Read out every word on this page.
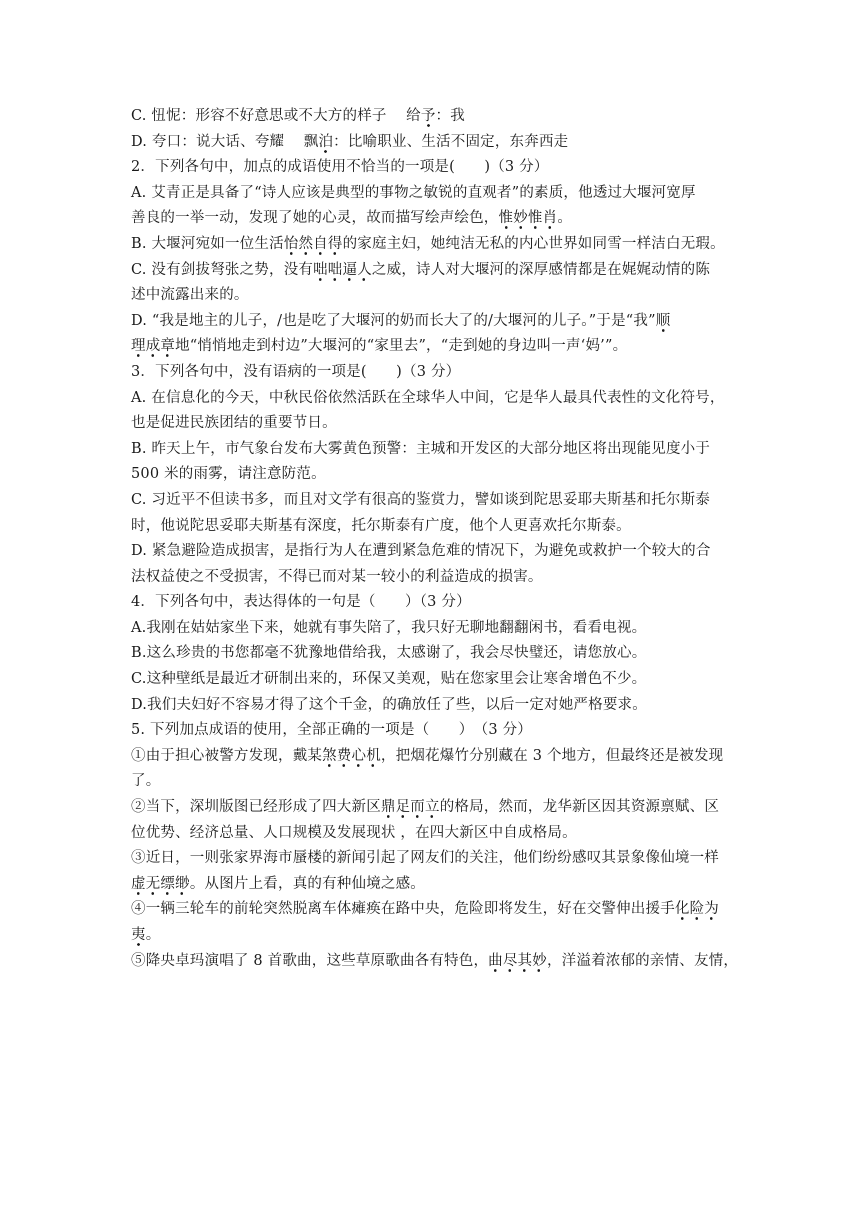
C. 忸怩：形容不好意思或不大方的样子　 给予：我
D. 夸口：说大话、夸耀　 飘泊：比喻职业、生活不固定，东奔西走
2．下列各句中，加点的成语使用不恰当的一项是(　　)（3 分）
A. 艾青正是具备了“诗人应该是典型的事物之敏锐的直观者”的素质，他透过大堰河宽厚
善良的一举一动，发现了她的心灵，故而描写绘声绘色，惟妙惟肖。
B. 大堰河宛如一位生活怡然自得的家庭主妇，她纯洁无私的内心世界如同雪一样洁白无瑕。
C. 没有剑拔弩张之势，没有咄咄逼人之威，诗人对大堰河的深厚感情都是在娓娓动情的陈
述中流露出来的。
D. “我是地主的儿子，/也是吃了大堰河的奶而长大了的/大堰河的儿子。”于是“我”顺
理成章地“悄悄地走到村边”大堰河的“家里去”，“走到她的身边叫一声‘妈’”。
3．下列各句中，没有语病的一项是(　　)（3 分）
A. 在信息化的今天，中秋民俗依然活跃在全球华人中间，它是华人最具代表性的文化符号，
也是促进民族团结的重要节日。
B. 昨天上午，市气象台发布大雾黄色预警：主城和开发区的大部分地区将出现能见度小于
500 米的雨雾，请注意防范。
C. 习近平不但读书多，而且对文学有很高的鉴赏力，譬如谈到陀思妥耶夫斯基和托尔斯泰
时，他说陀思妥耶夫斯基有深度，托尔斯泰有广度，他个人更喜欢托尔斯泰。
D. 紧急避险造成损害，是指行为人在遭到紧急危难的情况下，为避免或救护一个较大的合
法权益使之不受损害，不得已而对某一较小的利益造成的损害。
4．下列各句中，表达得体的一句是（　　）（3 分）
A.我刚在姑姑家坐下来，她就有事失陪了，我只好无聊地翻翻闲书，看看电视。
B.这么珍贵的书您都毫不犹豫地借给我，太感谢了，我会尽快璧还，请您放心。
C.这种壁纸是最近才研制出来的，环保又美观，贴在您家里会让寒舍增色不少。
D.我们夫妇好不容易才得了这个千金，的确放任了些，以后一定对她严格要求。
5. 下列加点成语的使用，全部正确的一项是（　　）　（3 分）
①由于担心被警方发现，戴某煞费心机，把烟花爆竹分别藏在 3 个地方，但最终还是被发现
了。
②当下，深圳版图已经形成了四大新区鼎足而立的格局，然而，龙华新区因其资源禀赋、区
位优势、经济总量、人口规模及发展现状 ，在四大新区中自成格局。
③近日，一则张家界海市蜃楼的新闻引起了网友们的关注，他们纷纷感叹其景象像仙境一样
虚无缥缈。从图片上看，真的有种仙境之感。
④一辆三轮车的前轮突然脱离车体瘫痪在路中央，危险即将发生，好在交警伸出援手化险为
夷。
⑤降央卓玛演唱了 8 首歌曲，这些草原歌曲各有特色，曲尽其妙，洋溢着浓郁的亲情、友情，
